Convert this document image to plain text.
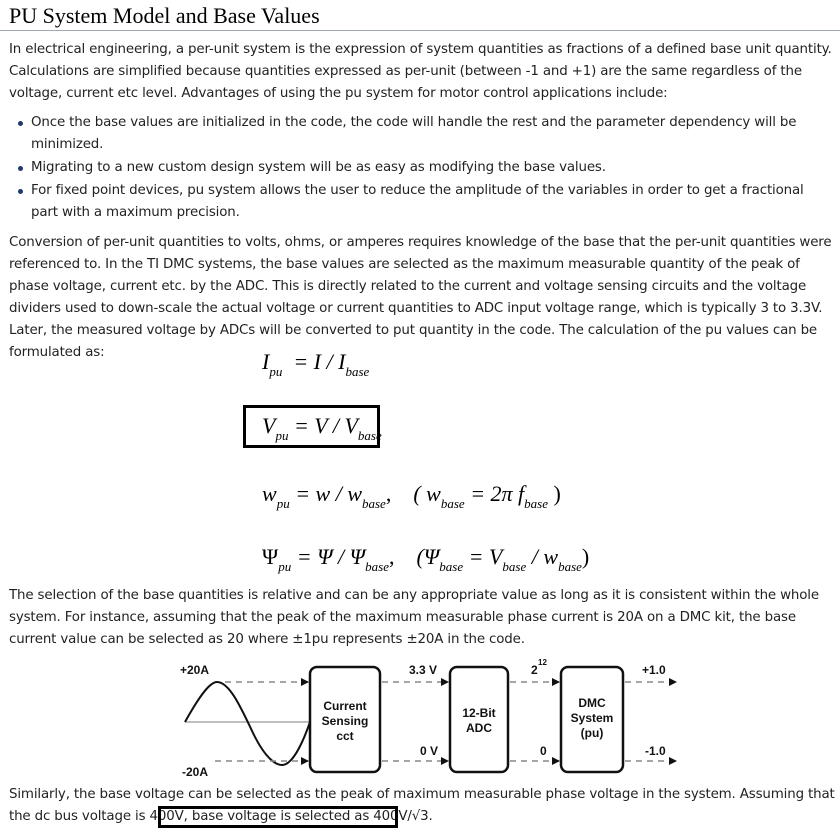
PU System Model and Base Values

In electrical engineering, a per-unit system is the expression of system quantities as fractions of a defined base unit quantity. Calculations are simplified because quantities expressed as per-unit (between -1 and +1) are the same regardless of the voltage, current etc level. Advantages of using the pu system for motor control applications include:

Once the base values are initialized in the code, the code will handle the rest and the parameter dependency will be minimized.
Migrating to a new custom design system will be as easy as modifying the base values.
For fixed point devices, pu system allows the user to reduce the amplitude of the variables in order to get a fractional part with a maximum precision.

Conversion of per-unit quantities to volts, ohms, or amperes requires knowledge of the base that the per-unit quantities were referenced to. In the TI DMC systems, the base values are selected as the maximum measurable quantity of the peak of phase voltage, current etc. by the ADC. This is directly related to the current and voltage sensing circuits and the voltage dividers used to down-scale the actual voltage or current quantities to ADC input voltage range, which is typically 3 to 3.3V. Later, the measured voltage by ADCs will be converted to put quantity in the code. The calculation of the pu values can be formulated as:	$I_{pu} = I / I_{base}$
$V_{pu} = V / V_{base}$
$w_{pu} = w / w_{base}$, ( $w_{base} = 2\pi$ $f_{base}$ )
$\Psi_{pu} = \Psi / \Psi_{base}$, $(\Psi_{base} = V_{base} / w_{base})$

The selection of the base quantities is relative and can be any appropriate value as long as it is consistent within the whole system. For instance, assuming that the peak of the maximum measurable phase current is 20A on a DMC kit, the base current value can be selected as 20 where ±1pu represents ±20A in the code.

+20A
-20A
Current
Sensing
cct
3.3 V
0 V
12-Bit
ADC
2
12
0
DMC
System
(pu)
+1.0
-1.0

Similarly, the base voltage can be selected as the peak of maximum measurable phase voltage in the system. Assuming that the dc bus voltage is 400V, base voltage is selected as 400V/√3.
